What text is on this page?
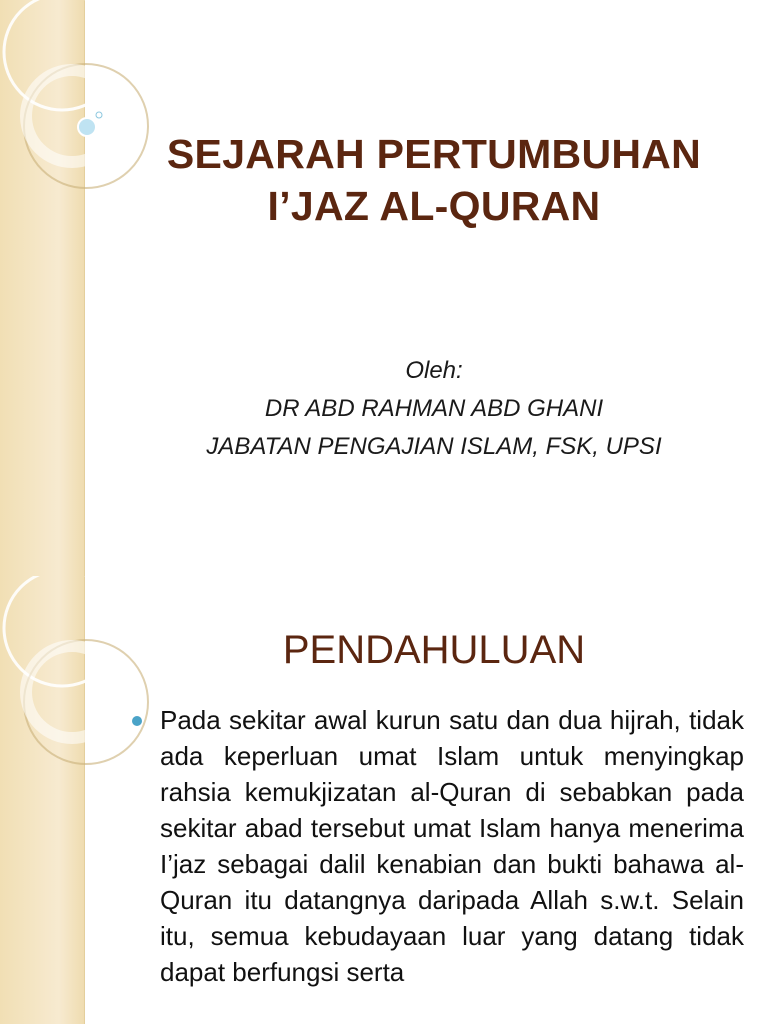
SEJARAH PERTUMBUHAN
I’JAZ AL-QURAN
Oleh:
DR ABD RAHMAN ABD GHANI
JABATAN PENGAJIAN ISLAM, FSK, UPSI
PENDAHULUAN
Pada sekitar awal kurun satu dan dua hijrah, tidak ada keperluan umat Islam untuk menyingkap rahsia kemukjizatan al-Quran di sebabkan pada sekitar abad tersebut umat Islam hanya menerima I’jaz sebagai dalil kenabian dan bukti bahawa al-Quran itu datangnya daripada Allah s.w.t. Selain itu, semua kebudayaan luar yang datang tidak dapat berfungsi serta
